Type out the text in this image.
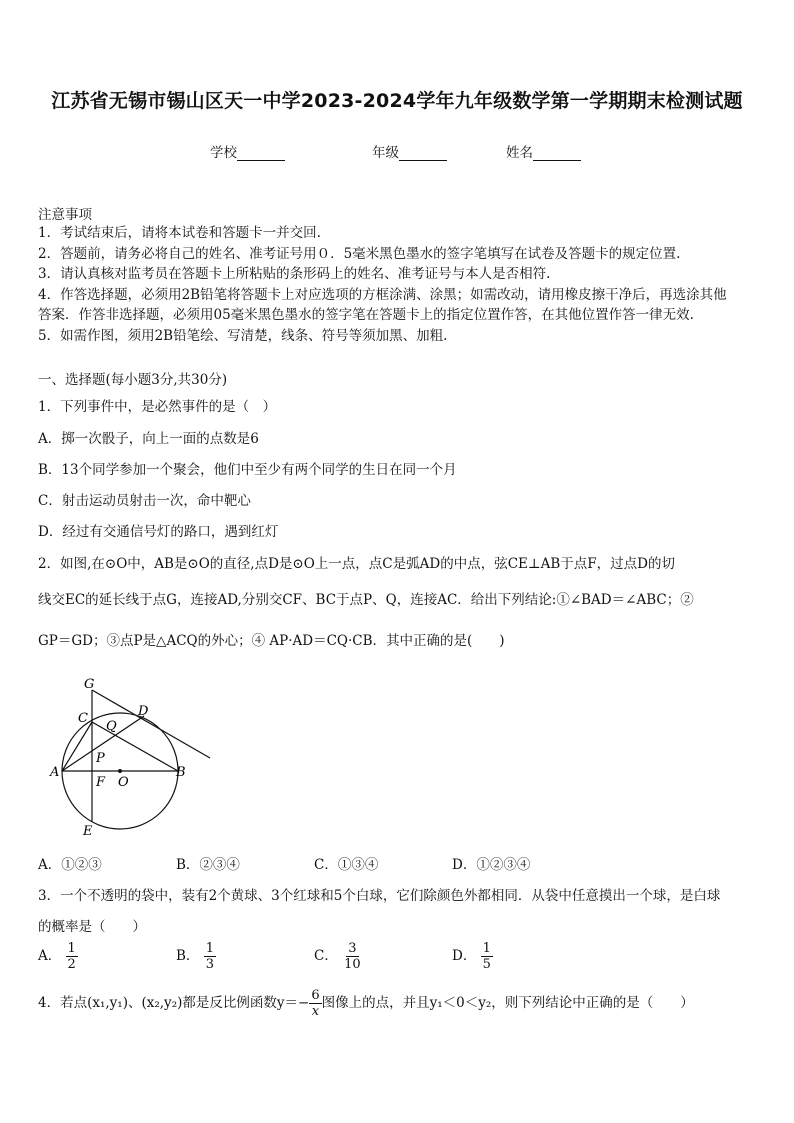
江苏省无锡市锡山区天一中学2023-2024学年九年级数学第一学期期末检测试题
学校	年级	姓名
注意事项
1．考试结束后，请将本试卷和答题卡一并交回.
2．答题前，请务必将自己的姓名、准考证号用０．5毫米黑色墨水的签字笔填写在试卷及答题卡的规定位置.
3．请认真核对监考员在答题卡上所粘贴的条形码上的姓名、准考证号与本人是否相符.
4．作答选择题，必须用2B铅笔将答题卡上对应选项的方框涂满、涂黑；如需改动，请用橡皮擦干净后，再选涂其他
答案．作答非选择题，必须用05毫米黑色墨水的签字笔在答题卡上的指定位置作答，在其他位置作答一律无效.
5．如需作图，须用2B铅笔绘、写清楚，线条、符号等须加黑、加粗.
一、选择题(每小题3分,共30分)
1．下列事件中，是必然事件的是（　）
A．掷一次骰子，向上一面的点数是6
B．13个同学参加一个聚会，他们中至少有两个同学的生日在同一个月
C．射击运动员射击一次，命中靶心
D．经过有交通信号灯的路口，遇到红灯
2．如图,在⊙O中，AB是⊙O的直径,点D是⊙O上一点，点C是弧AD的中点，弦CE⊥AB于点F，过点D的切
线交EC的延长线于点G，连接AD,分别交CF、BC于点P、Q，连接AC．给出下列结论:①∠BAD＝∠ABC；②
GP＝GD；③点P是△ACQ的外心；④ AP·AD＝CQ·CB．其中正确的是(　　)
G
C
Q
D
P
A
O
B
F
E
A．①②③	B．②③④	C．①③④	D．①②③④
3．一个不透明的袋中，装有2个黄球、3个红球和5个白球，它们除颜色外都相同．从袋中任意摸出一个球，是白球
的概率是（　　）
A． $\frac{1}{2}$	B． $\frac{1}{3}$	C． $\frac{3}{10}$	D． $\frac{1}{5}$
4．若点(x₁,y₁)、(x₂,y₂)都是反比例函数$y=- \frac{6}{x}$ 图像上的点，并且y₁＜0＜y₂，则下列结论中正确的是（　　）
